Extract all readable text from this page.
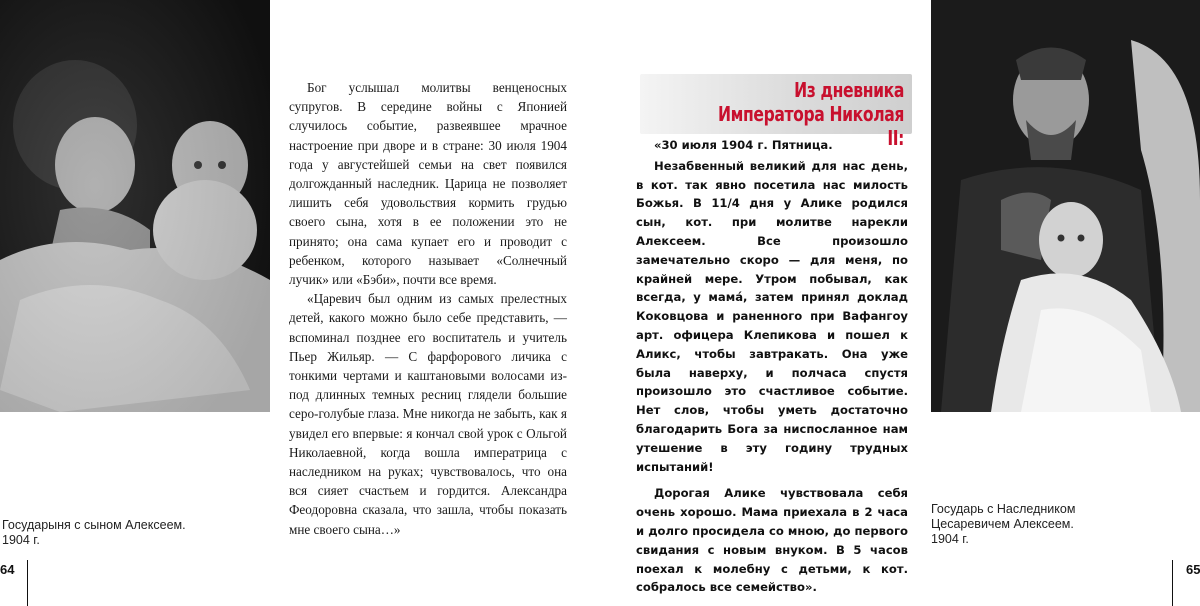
Государыня с сыном Алексеем.
1904 г.

Бог услышал молитвы венценосных супругов. В середине войны с Японией случилось событие, развеявшее мрачное настроение при дворе и в стране: 30 июля 1904 года у августейшей семьи на свет появился долгожданный наследник. Царица не позволяет лишить себя удовольствия кормить грудью своего сына, хотя в ее положении это не принято; она сама купает его и проводит с ребенком, которого называет «Солнечный лучик» или «Бэби», почти все время.

«Царевич был одним из самых прелестных детей, какого можно было себе представить, — вспоминал позднее его воспитатель и учитель Пьер Жильяр. — С фарфорового личика с тонкими чертами и каштановыми волосами из-под длинных темных ресниц глядели большие серо-голубые глаза. Мне никогда не забыть, как я увидел его впервые: я кончал свой урок с Ольгой Николаевной, когда вошла императрица с наследником на руках; чувствовалось, что она вся сияет счастьем и гордится. Александра Феодоровна сказала, что зашла, чтобы показать мне своего сына…»

64
Из дневника
Императора Николая II:

«30 июля 1904 г. Пятница.

Незабвенный великий для нас день, в кот. так явно посетила нас милость Божья. В 11/4 дня у Алике родился сын, кот. при молитве нарекли Алексеем. Все произошло замечательно скоро — для меня, по крайней мере. Утром побывал, как всегда, у мамá, затем принял доклад Коковцова и раненного при Вафангоу арт. офицера Клепикова и пошел к Аликс, чтобы завтракать. Она уже была наверху, и полчаса спустя произошло это счастливое событие. Нет слов, чтобы уметь достаточно благодарить Бога за ниспосланное нам утешение в эту годину трудных испытаний!

Дорогая Алике чувствовала себя очень хорошо. Мама приехала в 2 часа и долго просидела со мною, до первого свидания с новым внуком. В 5 часов поехал к молебну с детьми, к кот. собралось все семейство».

Государь с Наследником
Цесаревичем Алексеем.
1904 г.
65
